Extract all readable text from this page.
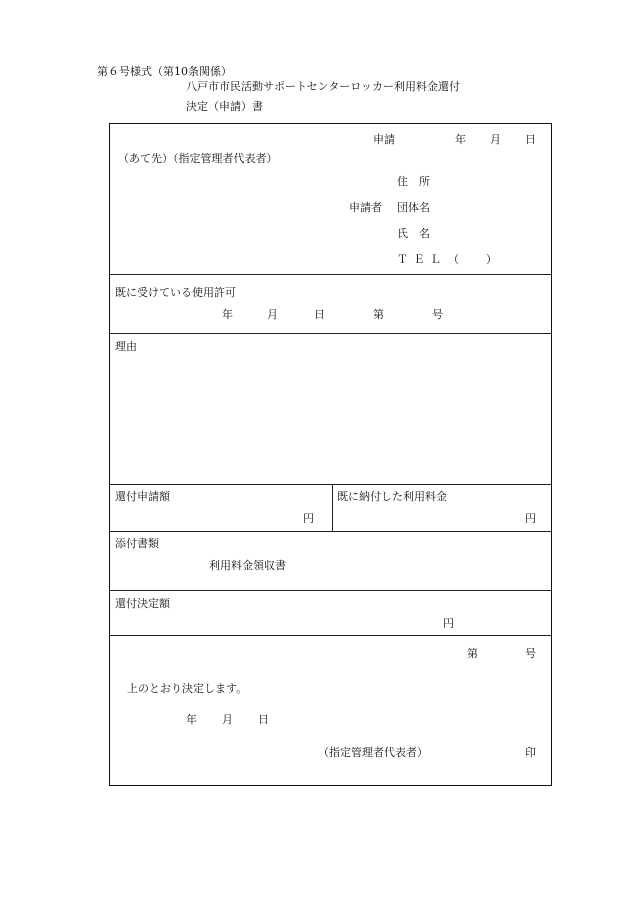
第６号様式（第10条関係）
八戸市市民活動サポートセンターロッカー利用料金還付
決定（申請）書
申請	年 月 日
（あて先）（指定管理者代表者）
住　所
申請者 団体名
氏　名
ＴＥＬ （ ）
既に受けている使用許可
年	月	日	第	号
理由
還付申請額
円
既に納付した利用料金
円
添付書類
利用料金領収書
還付決定額
円
第	号
上のとおり決定します。
年 月 日
（指定管理者代表者）	印
